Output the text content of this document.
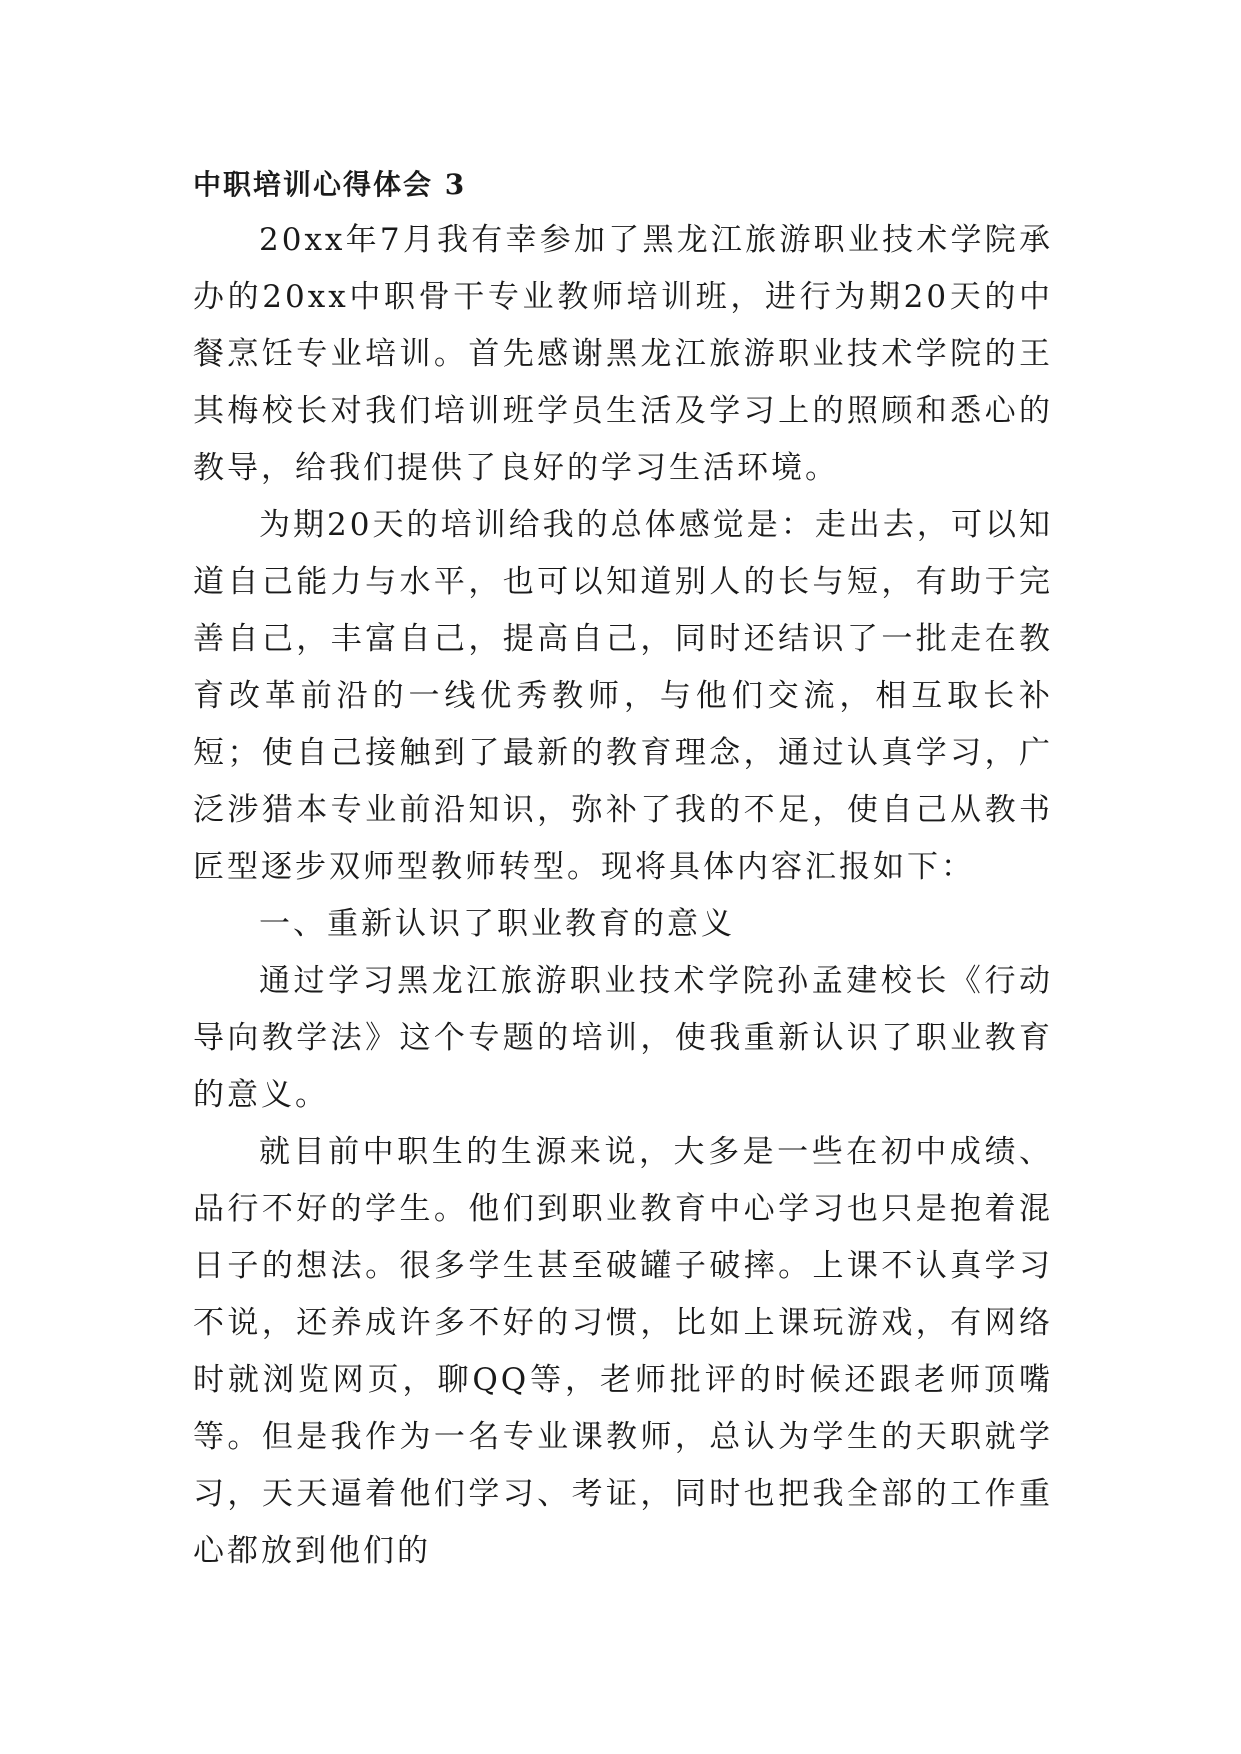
中职培训心得体会 3

20xx年7月我有幸参加了黑龙江旅游职业技术学院承办的20xx中职骨干专业教师培训班，进行为期20天的中餐烹饪专业培训。首先感谢黑龙江旅游职业技术学院的王其梅校长对我们培训班学员生活及学习上的照顾和悉心的教导，给我们提供了良好的学习生活环境。

为期20天的培训给我的总体感觉是：走出去，可以知道自己能力与水平，也可以知道别人的长与短，有助于完善自己，丰富自己，提高自己，同时还结识了一批走在教育改革前沿的一线优秀教师，与他们交流，相互取长补短；使自己接触到了最新的教育理念，通过认真学习，广泛涉猎本专业前沿知识，弥补了我的不足，使自己从教书匠型逐步双师型教师转型。现将具体内容汇报如下：

一、重新认识了职业教育的意义

通过学习黑龙江旅游职业技术学院孙孟建校长《行动导向教学法》这个专题的培训，使我重新认识了职业教育的意义。

就目前中职生的生源来说，大多是一些在初中成绩、品行不好的学生。他们到职业教育中心学习也只是抱着混日子的想法。很多学生甚至破罐子破摔。上课不认真学习不说，还养成许多不好的习惯，比如上课玩游戏，有网络时就浏览网页，聊QQ等，老师批评的时候还跟老师顶嘴等。但是我作为一名专业课教师，总认为学生的天职就学习，天天逼着他们学习、考证，同时也把我全部的工作重心都放到他们的
